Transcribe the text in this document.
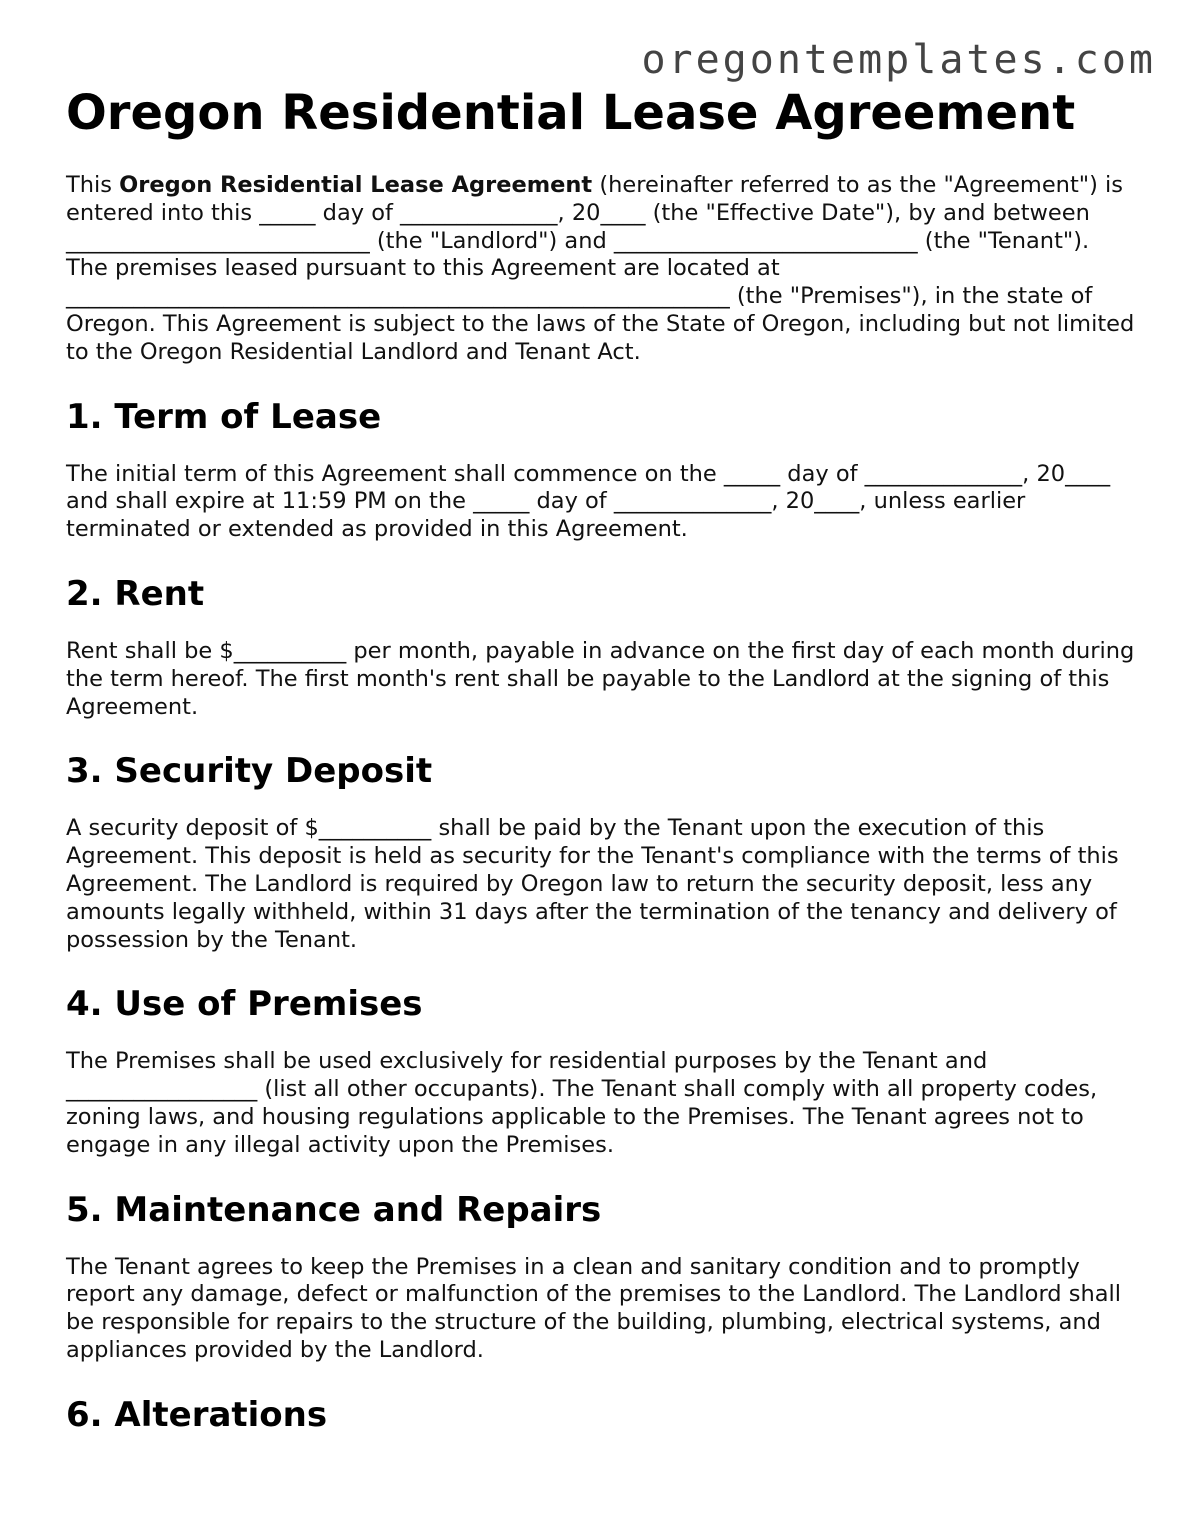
oregontemplates.com
Oregon Residential Lease Agreement

This Oregon Residential Lease Agreement (hereinafter referred to as the "Agreement") is entered into this _____ day of ______________, 20____ (the "Effective Date"), by and between ___________________________ (the "Landlord") and ___________________________ (the "Tenant"). The premises leased pursuant to this Agreement are located at ___________________________________________________________ (the "Premises"), in the state of Oregon. This Agreement is subject to the laws of the State of Oregon, including but not limited to the Oregon Residential Landlord and Tenant Act.

1. Term of Lease

The initial term of this Agreement shall commence on the _____ day of ______________, 20____ and shall expire at 11:59 PM on the _____ day of ______________, 20____, unless earlier terminated or extended as provided in this Agreement.

2. Rent

Rent shall be $__________ per month, payable in advance on the first day of each month during the term hereof. The first month's rent shall be payable to the Landlord at the signing of this Agreement.

3. Security Deposit

A security deposit of $__________ shall be paid by the Tenant upon the execution of this Agreement. This deposit is held as security for the Tenant's compliance with the terms of this Agreement. The Landlord is required by Oregon law to return the security deposit, less any amounts legally withheld, within 31 days after the termination of the tenancy and delivery of possession by the Tenant.

4. Use of Premises

The Premises shall be used exclusively for residential purposes by the Tenant and _________________ (list all other occupants). The Tenant shall comply with all property codes, zoning laws, and housing regulations applicable to the Premises. The Tenant agrees not to engage in any illegal activity upon the Premises.

5. Maintenance and Repairs

The Tenant agrees to keep the Premises in a clean and sanitary condition and to promptly report any damage, defect or malfunction of the premises to the Landlord. The Landlord shall be responsible for repairs to the structure of the building, plumbing, electrical systems, and appliances provided by the Landlord.

6. Alterations
